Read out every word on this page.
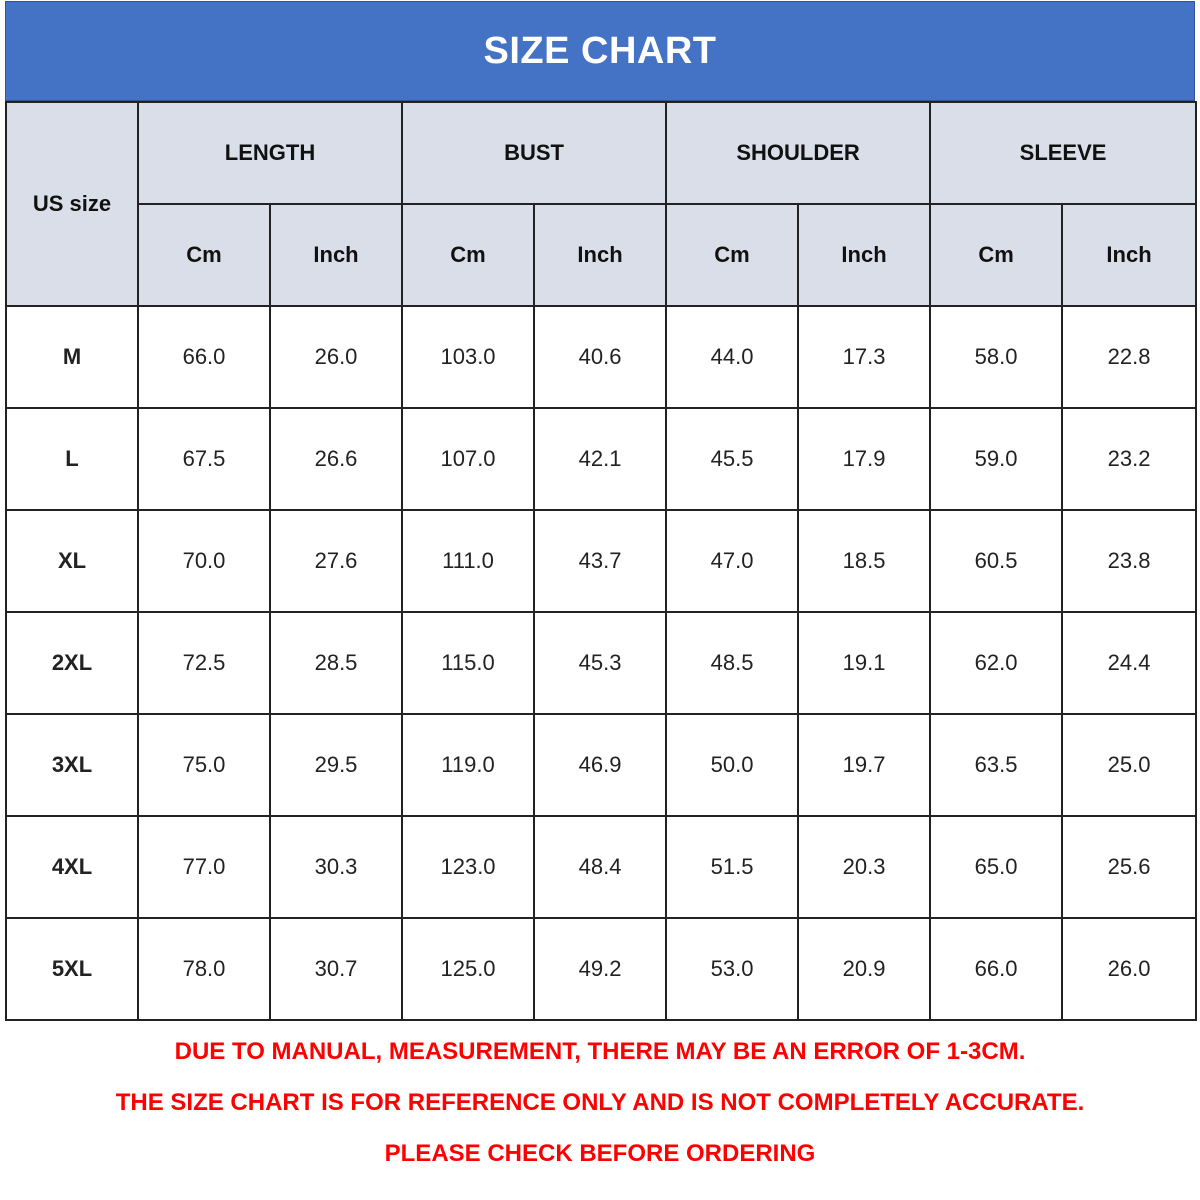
SIZE CHART
US size	LENGTH		BUST		SHOULDER		SLEEVE	
	Cm	Inch	Cm	Inch	Cm	Inch	Cm	Inch
M	66.0	26.0	103.0	40.6	44.0	17.3	58.0	22.8
L	67.5	26.6	107.0	42.1	45.5	17.9	59.0	23.2
XL	70.0	27.6	111.0	43.7	47.0	18.5	60.5	23.8
2XL	72.5	28.5	115.0	45.3	48.5	19.1	62.0	24.4
3XL	75.0	29.5	119.0	46.9	50.0	19.7	63.5	25.0
4XL	77.0	30.3	123.0	48.4	51.5	20.3	65.0	25.6
5XL	78.0	30.7	125.0	49.2	53.0	20.9	66.0	26.0
DUE TO MANUAL, MEASUREMENT, THERE MAY BE AN ERROR OF 1-3CM.
THE SIZE CHART IS FOR REFERENCE ONLY AND IS NOT COMPLETELY ACCURATE.
PLEASE CHECK BEFORE ORDERING
